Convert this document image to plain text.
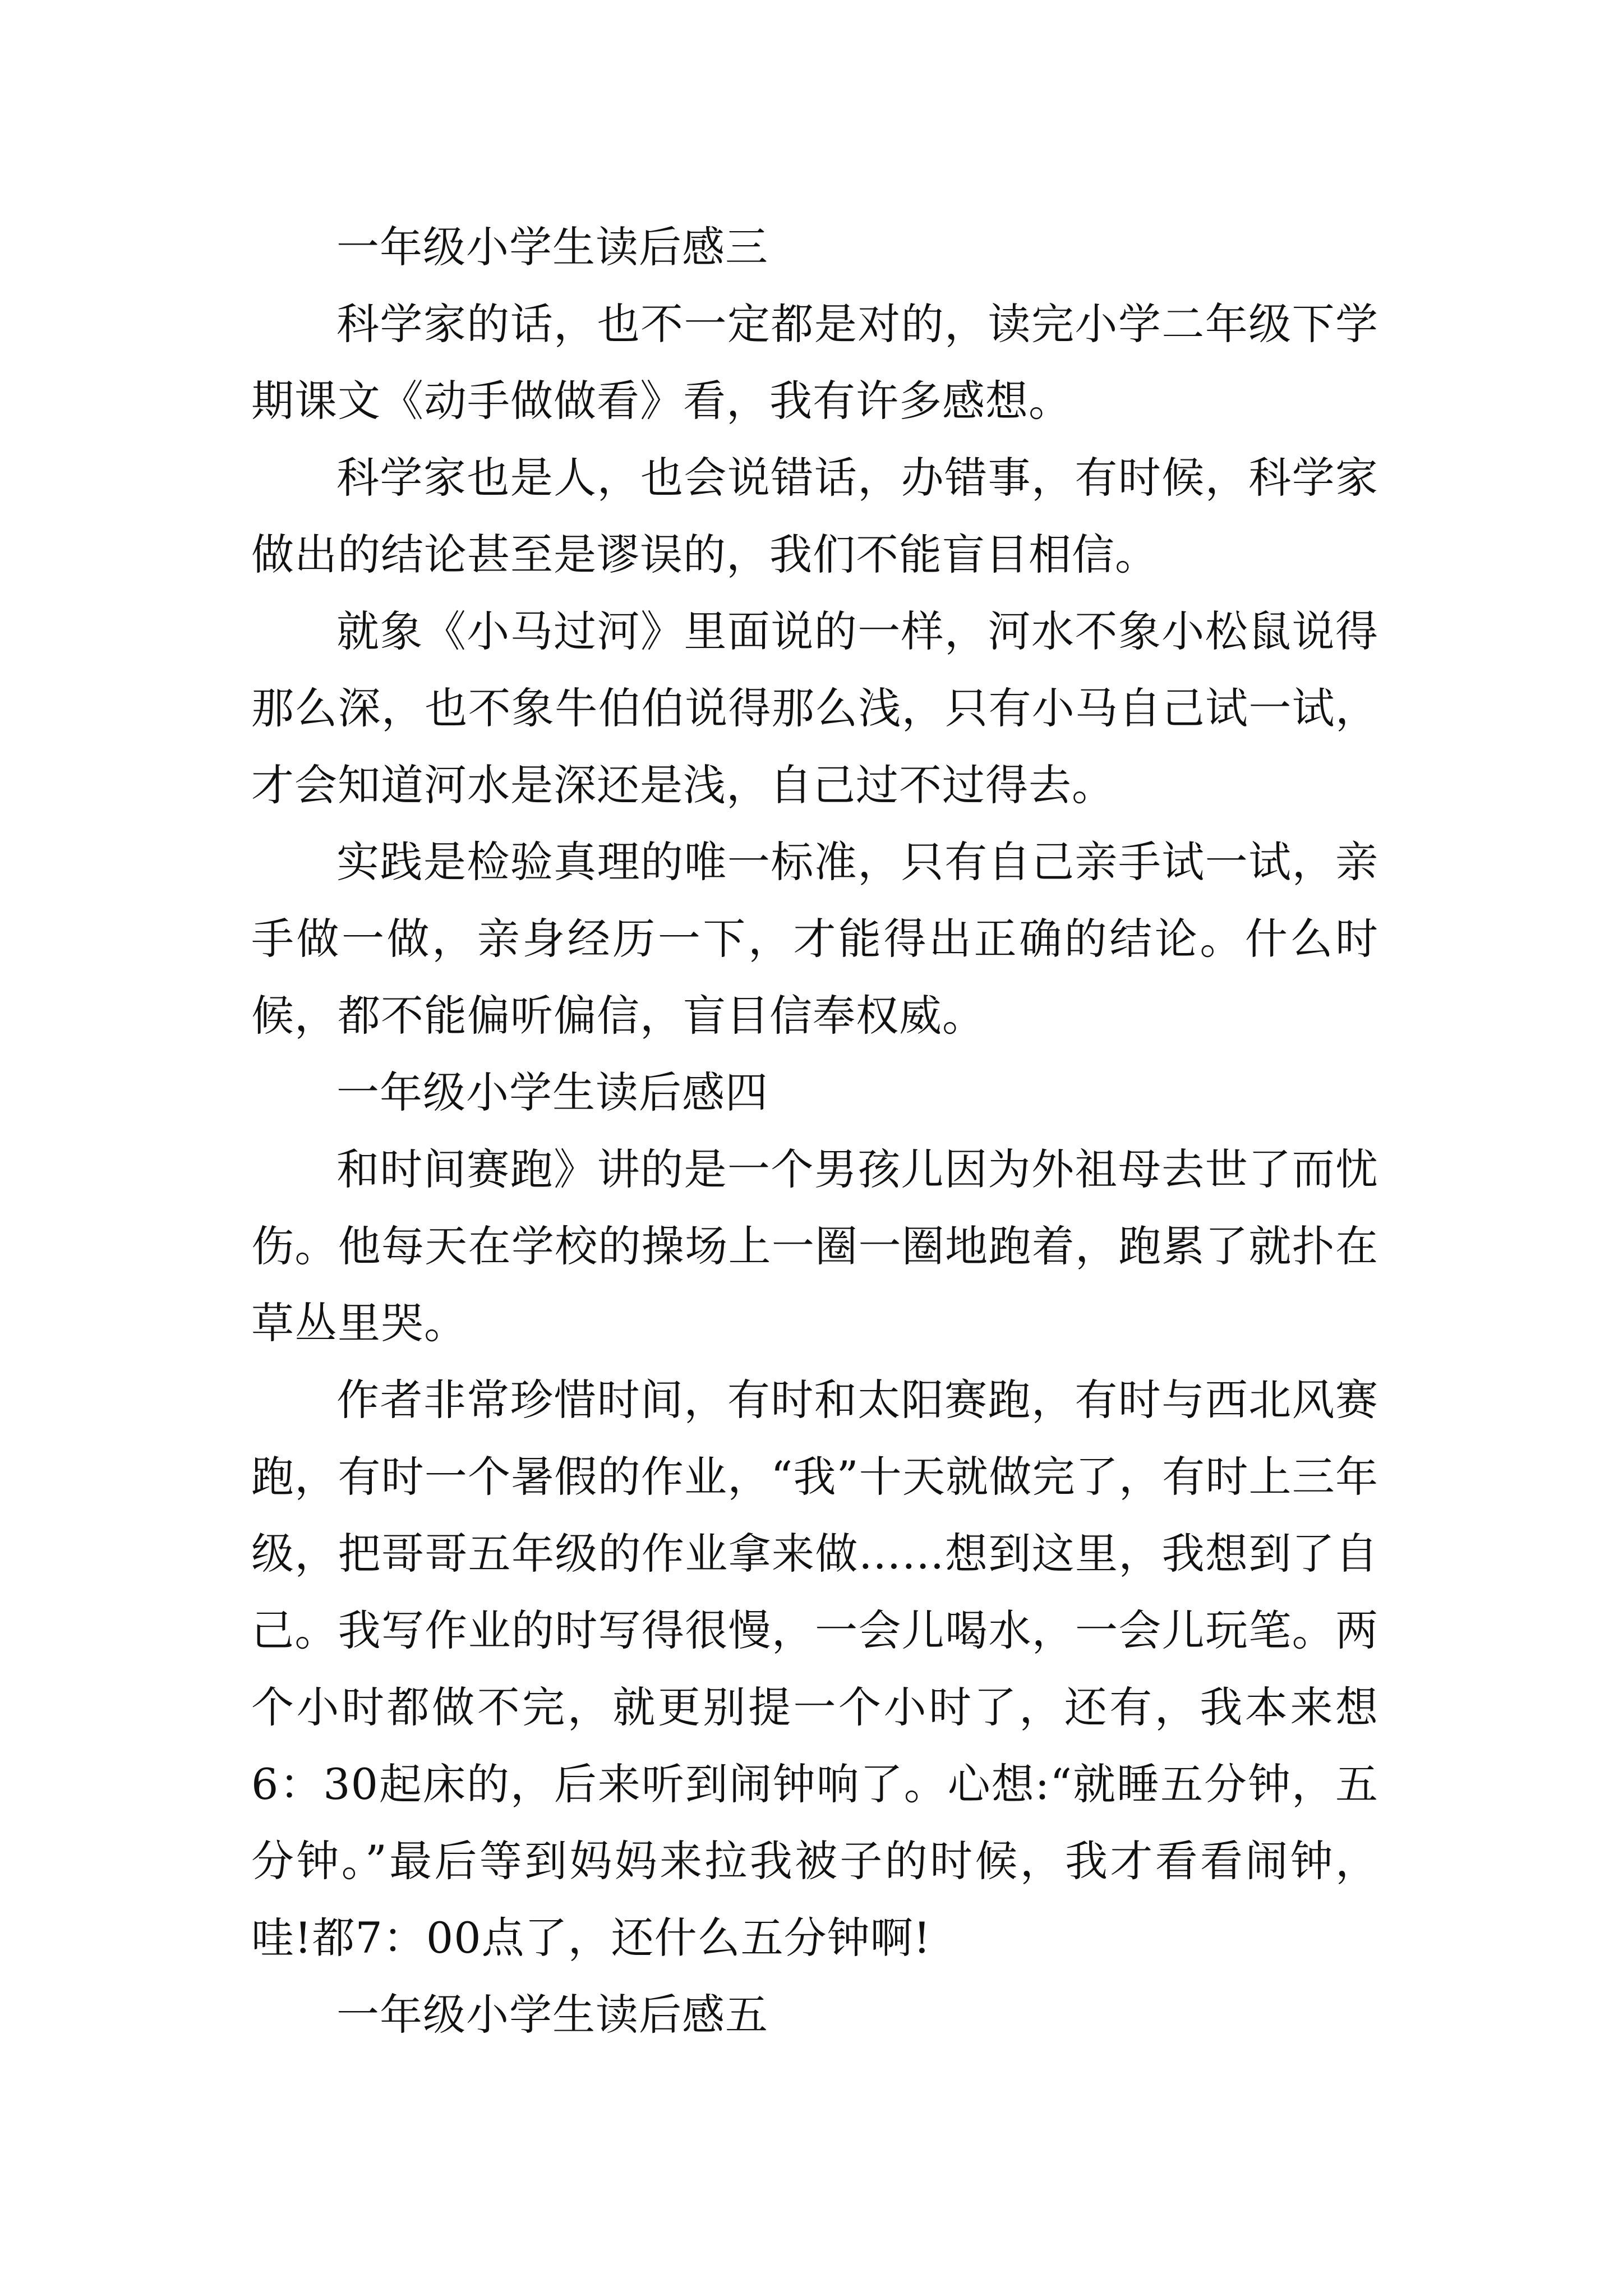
一年级小学生读后感三

科学家的话，也不一定都是对的，读完小学二年级下学期课文《动手做做看》看，我有许多感想。

科学家也是人，也会说错话，办错事，有时候，科学家做出的结论甚至是谬误的，我们不能盲目相信。

就象《小马过河》里面说的一样，河水不象小松鼠说得那么深，也不象牛伯伯说得那么浅，只有小马自己试一试，才会知道河水是深还是浅，自己过不过得去。

实践是检验真理的唯一标准，只有自己亲手试一试，亲手做一做，亲身经历一下，才能得出正确的结论。什么时候，都不能偏听偏信，盲目信奉权威。

一年级小学生读后感四

和时间赛跑》讲的是一个男孩儿因为外祖母去世了而忧伤。他每天在学校的操场上一圈一圈地跑着，跑累了就扑在草丛里哭。

作者非常珍惜时间，有时和太阳赛跑，有时与西北风赛跑，有时一个暑假的作业，“我”十天就做完了，有时上三年级，把哥哥五年级的作业拿来做……想到这里，我想到了自己。我写作业的时写得很慢，一会儿喝水，一会儿玩笔。两个小时都做不完，就更别提一个小时了，还有，我本来想6：30起床的，后来听到闹钟响了。心想:“就睡五分钟，五分钟。”最后等到妈妈来拉我被子的时候，我才看看闹钟，哇!都7：00点了，还什么五分钟啊!

一年级小学生读后感五
